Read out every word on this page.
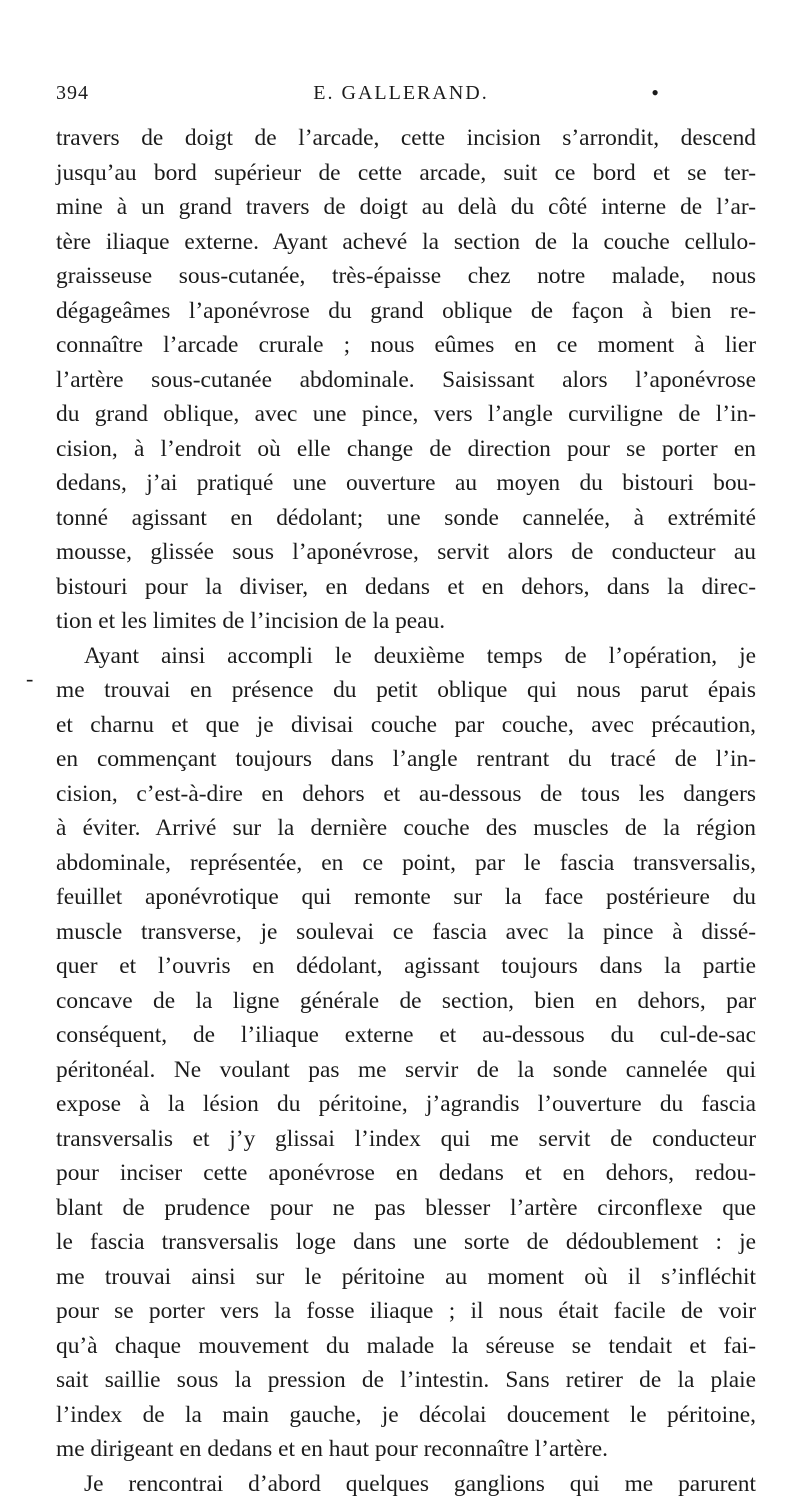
394	E. GALLERAND.	•
-
travers de doigt de l’arcade, cette incision s’arrondit, descend
jusqu’au bord supérieur de cette arcade, suit ce bord et se ter-
mine à un grand travers de doigt au delà du côté interne de l’ar-
tère iliaque externe. Ayant achevé la section de la couche cellulo-
graisseuse sous-cutanée, très-épaisse chez notre malade, nous
dégageâmes l’aponévrose du grand oblique de façon à bien re-
connaître l’arcade crurale ; nous eûmes en ce moment à lier
l’artère sous-cutanée abdominale. Saisissant alors l’aponévrose
du grand oblique, avec une pince, vers l’angle curviligne de l’in-
cision, à l’endroit où elle change de direction pour se porter en
dedans, j’ai pratiqué une ouverture au moyen du bistouri bou-
tonné agissant en dédolant; une sonde cannelée, à extrémité
mousse, glissée sous l’aponévrose, servit alors de conducteur au
bistouri pour la diviser, en dedans et en dehors, dans la direc-
tion et les limites de l’incision de la peau.
Ayant ainsi accompli le deuxième temps de l’opération, je
me trouvai en présence du petit oblique qui nous parut épais
et charnu et que je divisai couche par couche, avec précaution,
en commençant toujours dans l’angle rentrant du tracé de l’in-
cision, c’est-à-dire en dehors et au-dessous de tous les dangers
à éviter. Arrivé sur la dernière couche des muscles de la région
abdominale, représentée, en ce point, par le fascia transversalis,
feuillet aponévrotique qui remonte sur la face postérieure du
muscle transverse, je soulevai ce fascia avec la pince à dissé-
quer et l’ouvris en dédolant, agissant toujours dans la partie
concave de la ligne générale de section, bien en dehors, par
conséquent, de l’iliaque externe et au-dessous du cul-de-sac
péritonéal. Ne voulant pas me servir de la sonde cannelée qui
expose à la lésion du péritoine, j’agrandis l’ouverture du fascia
transversalis et j’y glissai l’index qui me servit de conducteur
pour inciser cette aponévrose en dedans et en dehors, redou-
blant de prudence pour ne pas blesser l’artère circonflexe que
le fascia transversalis loge dans une sorte de dédoublement : je
me trouvai ainsi sur le péritoine au moment où il s’infléchit
pour se porter vers la fosse iliaque ; il nous était facile de voir
qu’à chaque mouvement du malade la séreuse se tendait et fai-
sait saillie sous la pression de l’intestin. Sans retirer de la plaie
l’index de la main gauche, je décolai doucement le péritoine,
me dirigeant en dedans et en haut pour reconnaître l’artère.
Je rencontrai d’abord quelques ganglions qui me parurent
